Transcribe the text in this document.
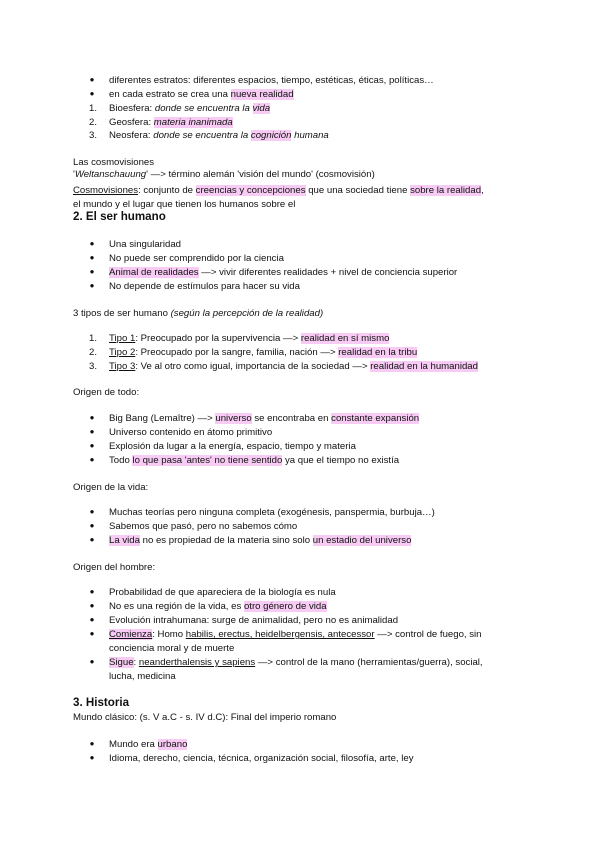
●	diferentes estratos: diferentes espacios, tiempo, estéticas, éticas, políticas…
●	en cada estrato se crea una nueva realidad
1. Bioesfera: donde se encuentra la vida
2. Geosfera: materia inanimada
3. Neosfera: donde se encuentra la cognición humana
Las cosmovisiones
'Weltanschauung' —> término alemán 'visión del mundo' (cosmovisión)
Cosmovisiones: conjunto de creencias y concepciones que una sociedad tiene sobre la realidad,
el mundo y el lugar que tienen los humanos sobre el
2. El ser humano
●	Una singularidad
●	No puede ser comprendido por la ciencia
●	Animal de realidades —> vivir diferentes realidades + nivel de conciencia superior
●	No depende de estímulos para hacer su vida
3 tipos de ser humano (según la percepción de la realidad)
1. Tipo 1: Preocupado por la supervivencia —> realidad en sí mismo
2. Tipo 2: Preocupado por la sangre, familia, nación —> realidad en la tribu
3. Tipo 3: Ve al otro como igual, importancia de la sociedad —> realidad en la humanidad
Origen de todo:
●	Big Bang (Lemaître) —> universo se encontraba en constante expansión
●	Universo contenido en átomo primitivo
●	Explosión da lugar a la energía, espacio, tiempo y materia
●	Todo lo que pasa 'antes' no tiene sentido ya que el tiempo no existía
Origen de la vida:
●	Muchas teorías pero ninguna completa (exogénesis, panspermia, burbuja…)
●	Sabemos que pasó, pero no sabemos cómo
●	La vida no es propiedad de la materia sino solo un estadio del universo
Origen del hombre:
●	Probabilidad de que apareciera de la biología es nula
●	No es una región de la vida, es otro género de vida
●	Evolución intrahumana: surge de animalidad, pero no es animalidad
●	Comienza: Homo habilis, erectus, heidelbergensis, antecessor —> control de fuego, sin
conciencia moral y de muerte
●	Sigue: neanderthalensis y sapiens —> control de la mano (herramientas/guerra), social,
lucha, medicina
3. Historia
Mundo clásico: (s. V a.C - s. IV d.C): Final del imperio romano
●	Mundo era urbano
●	Idioma, derecho, ciencia, técnica, organización social, filosofía, arte, ley
